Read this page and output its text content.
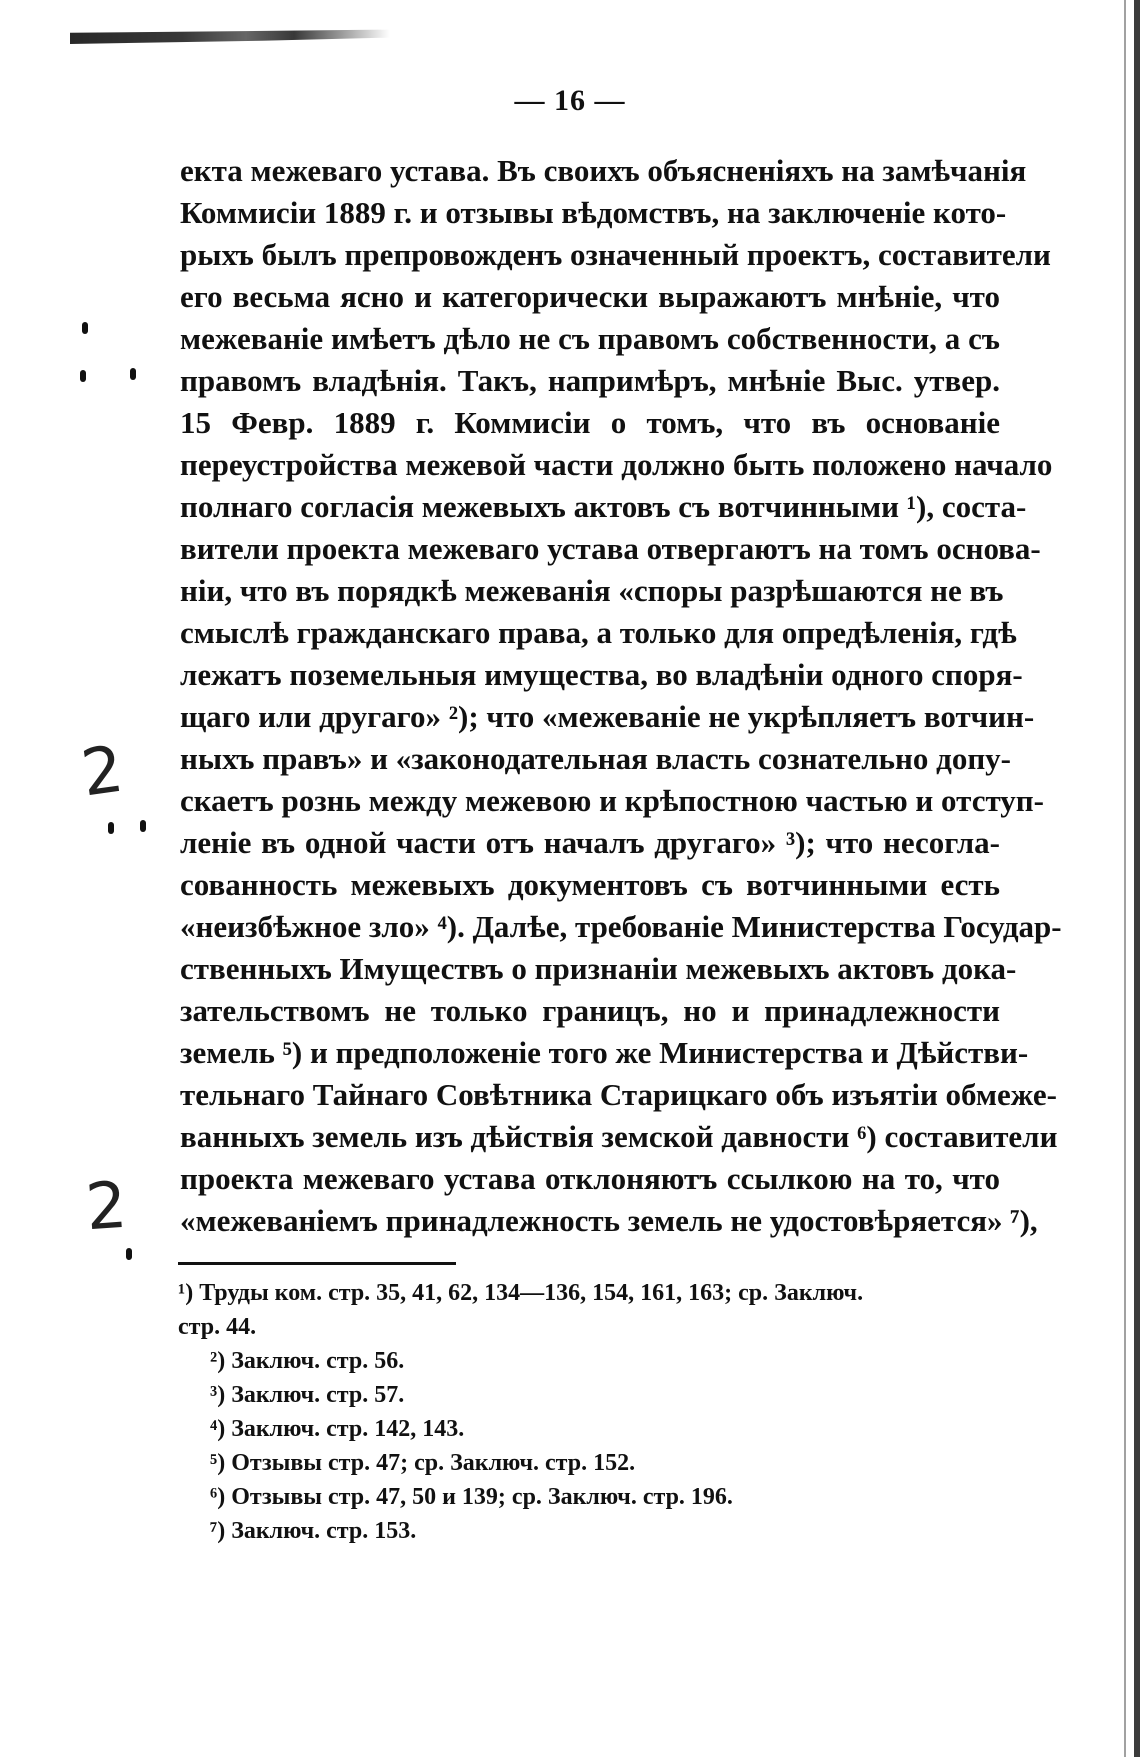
— 16 —
екта межеваго устава. Въ своихъ объясненіяхъ на замѣчанія
Коммисіи 1889 г. и отзывы вѣдомствъ, на заключеніе кото-
рыхъ былъ препровожденъ означенный проектъ, составители
его весьма ясно и категорически выражаютъ мнѣніе, что
межеваніе имѣетъ дѣло не съ правомъ собственности, а съ
правомъ владѣнія. Такъ, напримѣръ, мнѣніе Выс. утвер.
15 Февр. 1889 г. Коммисіи о томъ, что въ основаніе
переустройства межевой части должно быть положено начало
полнаго согласія межевыхъ актовъ съ вотчинными ¹), соста-
вители проекта межеваго устава отвергаютъ на томъ основа-
ніи, что въ порядкѣ межеванія «споры разрѣшаются не въ
смыслѣ гражданскаго права, а только для опредѣленія, гдѣ
лежатъ поземельныя имущества, во владѣніи одного споря-
щаго или другаго» ²); что «межеваніе не укрѣпляетъ вотчин-
ныхъ правъ» и «законодательная власть сознательно допу-
скаетъ рознь между межевою и крѣпостною частью и отступ-
леніе въ одной части отъ началъ другаго» ³); что несогла-
сованность межевыхъ документовъ съ вотчинными есть
«неизбѣжное зло» ⁴). Далѣе, требованіе Министерства Государ-
ственныхъ Имуществъ о признаніи межевыхъ актовъ дока-
зательствомъ не только границъ, но и принадлежности
земель ⁵) и предположеніе того же Министерства и Дѣйстви-
тельнаго Тайнаго Совѣтника Старицкаго объ изъятіи обмеже-
ванныхъ земель изъ дѣйствія земской давности ⁶) составители
проекта межеваго устава отклоняютъ ссылкою на то, что
«межеваніемъ принадлежность земель не удостовѣряется» ⁷),
¹) Труды ком. стр. 35, 41, 62, 134—136, 154, 161, 163; ср. Заключ.
стр. 44.
²) Заключ. стр. 56.
³) Заключ. стр. 57.
⁴) Заключ. стр. 142, 143.
⁵) Отзывы стр. 47; ср. Заключ. стр. 152.
⁶) Отзывы стр. 47, 50 и 139; ср. Заключ. стр. 196.
⁷) Заключ. стр. 153.
2
2
